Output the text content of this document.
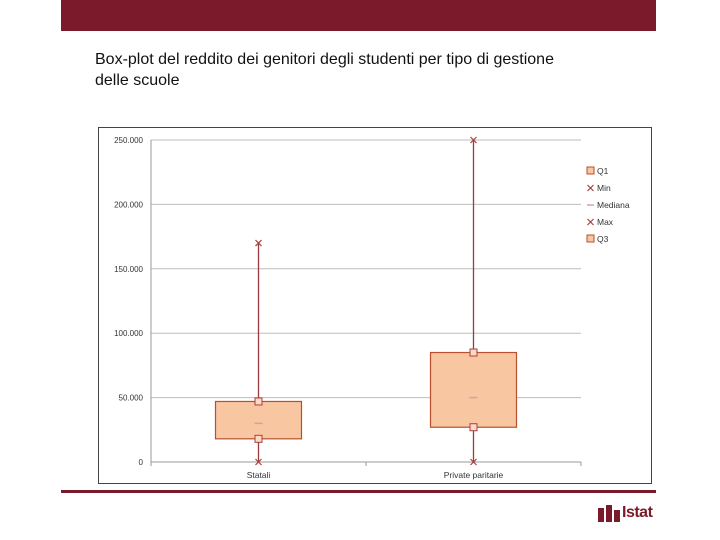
Box-plot del reddito dei genitori degli studenti per tipo di gestione
delle scuole
0
50.000
100.000
150.000
200.000
250.000
Statali	Private paritarie
Q1
Min
Mediana
Max
Q3
Istat
